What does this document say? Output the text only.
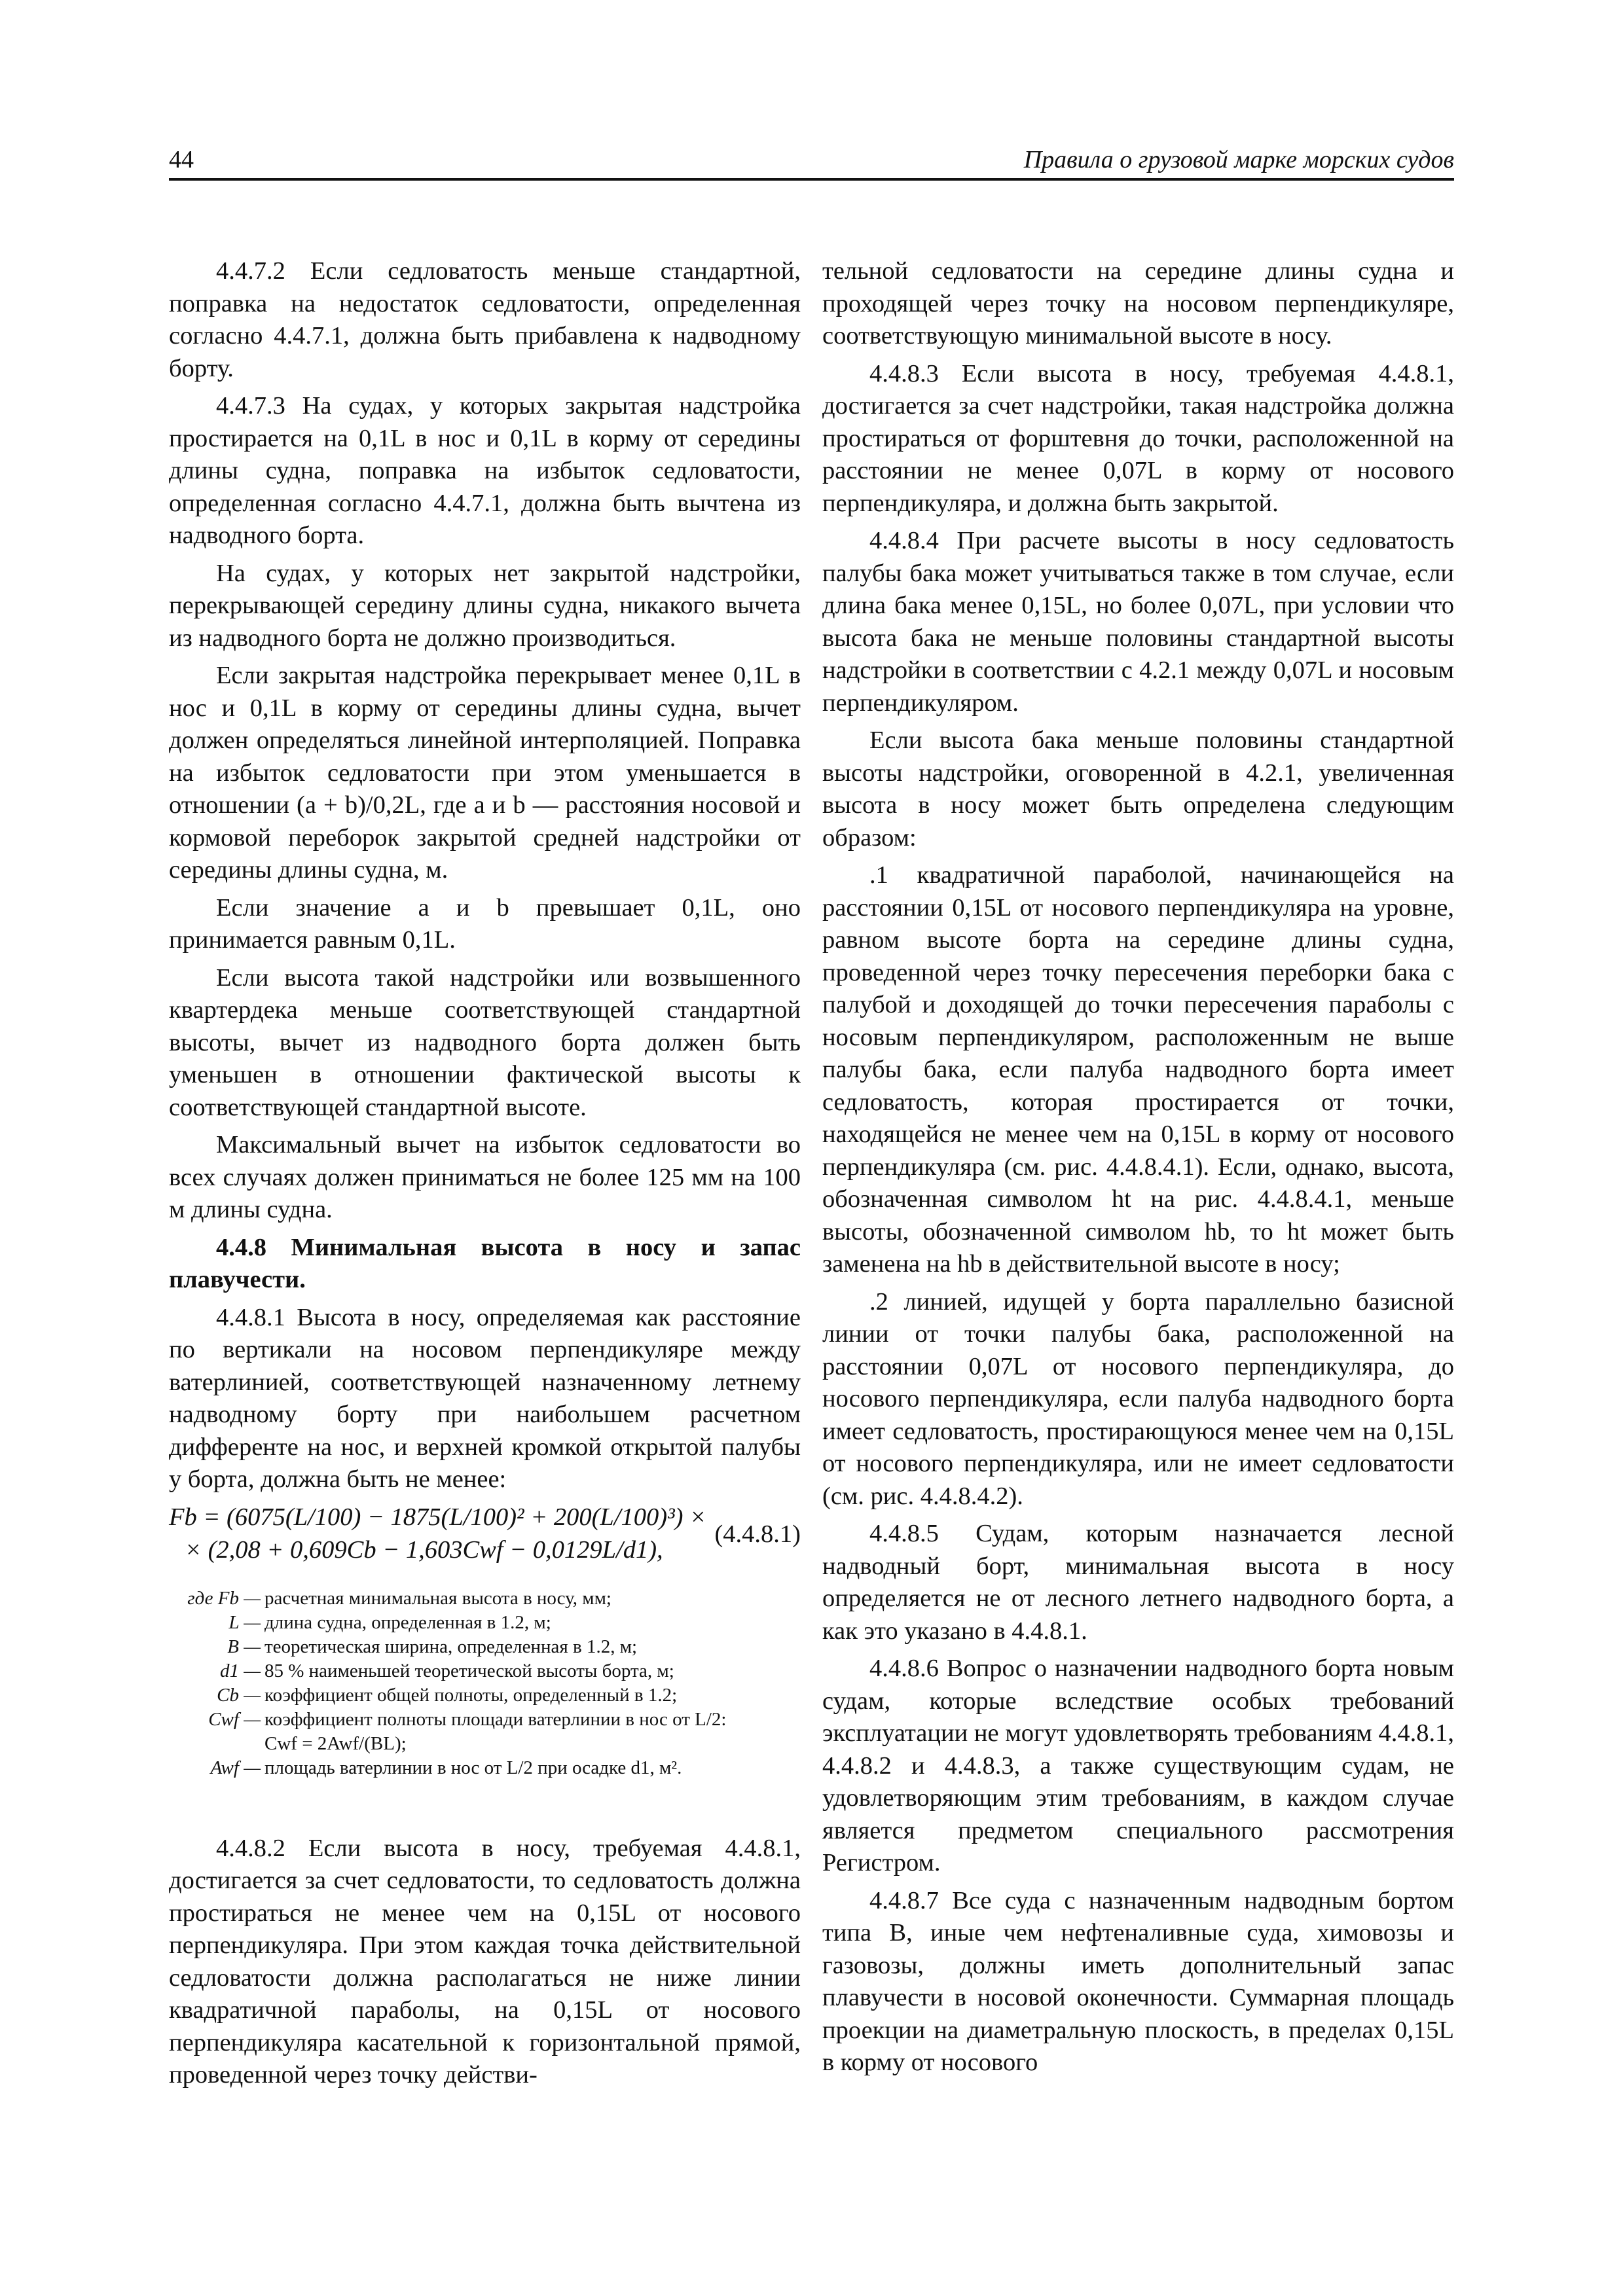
44	Правила о грузовой марке морских судов

4.4.7.2 Если седловатость меньше стандартной, поправка на недостаток седловатости, определенная согласно 4.4.7.1, должна быть прибавлена к надводному борту.

4.4.7.3 На судах, у которых закрытая надстройка простирается на 0,1L в нос и 0,1L в корму от середины длины судна, поправка на избыток седловатости, определенная согласно 4.4.7.1, должна быть вычтена из надводного борта.

На судах, у которых нет закрытой надстройки, перекрывающей середину длины судна, никакого вычета из надводного борта не должно производиться.

Если закрытая надстройка перекрывает менее 0,1L в нос и 0,1L в корму от середины длины судна, вычет должен определяться линейной интерполяцией. Поправка на избыток седловатости при этом уменьшается в отношении (a + b)/0,2L, где a и b — расстояния носовой и кормовой переборок закрытой средней надстройки от середины длины судна, м.

Если значение a и b превышает 0,1L, оно принимается равным 0,1L.

Если высота такой надстройки или возвышенного квартердека меньше соответствующей стандартной высоты, вычет из надводного борта должен быть уменьшен в отношении фактической высоты к соответствующей стандартной высоте.

Максимальный вычет на избыток седловатости во всех случаях должен приниматься не более 125 мм на 100 м длины судна.

4.4.8 Минимальная высота в носу и запас плавучести.

4.4.8.1 Высота в носу, определяемая как расстояние по вертикали на носовом перпендикуляре между ватерлинией, соответствующей назначенному летнему надводному борту при наибольшем расчетном дифференте на нос, и верхней кромкой открытой палубы у борта, должна быть не менее:

Fb = (6075(L/100) − 1875(L/100)² + 200(L/100)³) ×
× (2,08 + 0,609Cb − 1,603Cwf − 0,0129L/d1),
(4.4.8.1)
где Fb — расчетная минимальная высота в носу, мм;
L — длина судна, определенная в 1.2, м;
B — теоретическая ширина, определенная в 1.2, м;
d1 — 85 % наименьшей теоретической высоты борта, м;
Cb — коэффициент общей полноты, определенный в 1.2;
Cwf — коэффициент полноты площади ватерлинии в нос от L/2:
Cwf = 2Awf/(BL);
Awf — площадь ватерлинии в нос от L/2 при осадке d1, м².

4.4.8.2 Если высота в носу, требуемая 4.4.8.1, достигается за счет седловатости, то седловатость должна простираться не менее чем на 0,15L от носового перпендикуляра. При этом каждая точка действительной седловатости должна располагаться не ниже линии квадратичной параболы, на 0,15L от носового перпендикуляра касательной к горизонтальной прямой, проведенной через точку действи-

тельной седловатости на середине длины судна и проходящей через точку на носовом перпендикуляре, соответствующую минимальной высоте в носу.

4.4.8.3 Если высота в носу, требуемая 4.4.8.1, достигается за счет надстройки, такая надстройка должна простираться от форштевня до точки, расположенной на расстоянии не менее 0,07L в корму от носового перпендикуляра, и должна быть закрытой.

4.4.8.4 При расчете высоты в носу седловатость палубы бака может учитываться также в том случае, если длина бака менее 0,15L, но более 0,07L, при условии что высота бака не меньше половины стандартной высоты надстройки в соответствии с 4.2.1 между 0,07L и носовым перпендикуляром.

Если высота бака меньше половины стандартной высоты надстройки, оговоренной в 4.2.1, увеличенная высота в носу может быть определена следующим образом:

.1 квадратичной параболой, начинающейся на расстоянии 0,15L от носового перпендикуляра на уровне, равном высоте борта на середине длины судна, проведенной через точку пересечения переборки бака с палубой и доходящей до точки пересечения параболы с носовым перпендикуляром, расположенным не выше палубы бака, если палуба надводного борта имеет седловатость, которая простирается от точки, находящейся не менее чем на 0,15L в корму от носового перпендикуляра (см. рис. 4.4.8.4.1). Если, однако, высота, обозначенная символом ht на рис. 4.4.8.4.1, меньше высоты, обозначенной символом hb, то ht может быть заменена на hb в действительной высоте в носу;

.2 линией, идущей у борта параллельно базисной линии от точки палубы бака, расположенной на расстоянии 0,07L от носового перпендикуляра, до носового перпендикуляра, если палуба надводного борта имеет седловатость, простирающуюся менее чем на 0,15L от носового перпендикуляра, или не имеет седловатости (см. рис. 4.4.8.4.2).

4.4.8.5 Судам, которым назначается лесной надводный борт, минимальная высота в носу определяется не от лесного летнего надводного борта, а как это указано в 4.4.8.1.

4.4.8.6 Вопрос о назначении надводного борта новым судам, которые вследствие особых требований эксплуатации не могут удовлетворять требованиям 4.4.8.1, 4.4.8.2 и 4.4.8.3, а также существующим судам, не удовлетворяющим этим требованиям, в каждом случае является предметом специального рассмотрения Регистром.

4.4.8.7 Все суда с назначенным надводным бортом типа B, иные чем нефтеналивные суда, химовозы и газовозы, должны иметь дополнительный запас плавучести в носовой оконечности. Суммарная площадь проекции на диаметральную плоскость, в пределах 0,15L в корму от носового
